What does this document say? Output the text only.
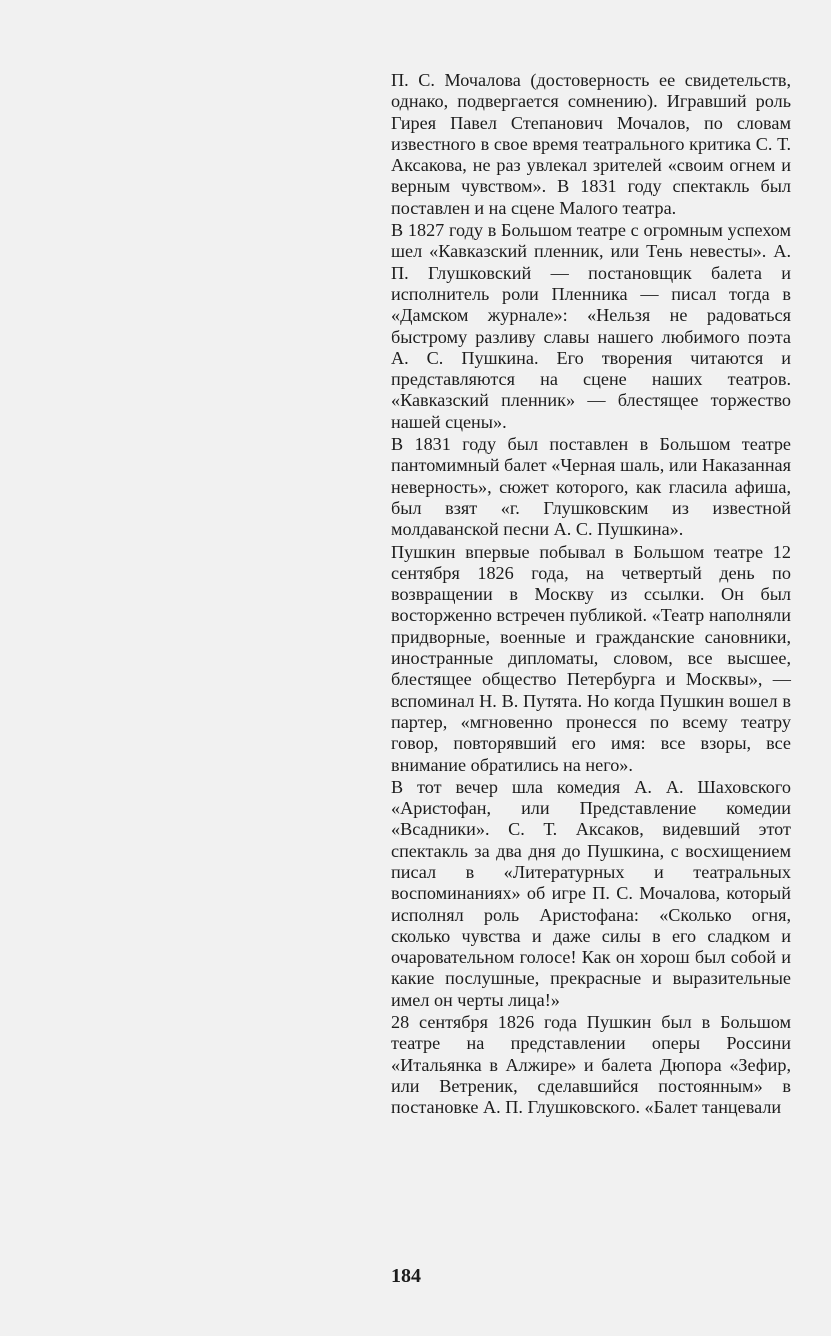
П. С. Мочалова (достоверность ее свидетельств, однако, подвергается сомнению). Игравший роль Гирея Павел Степанович Мочалов, по словам известного в свое время театрального критика С. Т. Аксакова, не раз увлекал зрителей «своим огнем и верным чувством». В 1831 году спектакль был поставлен и на сцене Малого театра.

В 1827 году в Большом театре с огромным успехом шел «Кавказский пленник, или Тень невесты». А. П. Глушковский — постановщик балета и исполнитель роли Пленника — писал тогда в «Дамском журнале»: «Нельзя не радоваться быстрому разливу славы нашего любимого поэта А. С. Пушкина. Его творения читаются и представляются на сцене наших театров. «Кавказский пленник» — блестящее торжество нашей сцены».

В 1831 году был поставлен в Большом театре пантомимный балет «Черная шаль, или Наказанная неверность», сюжет которого, как гласила афиша, был взят «г. Глушковским из известной молдаванской песни А. С. Пушкина».

Пушкин впервые побывал в Большом театре 12 сентября 1826 года, на четвертый день по возвращении в Москву из ссылки. Он был восторженно встречен публикой. «Театр наполняли придворные, военные и гражданские сановники, иностранные дипломаты, словом, все высшее, блестящее общество Петербурга и Москвы», — вспоминал Н. В. Путята. Но когда Пушкин вошел в партер, «мгновенно пронесся по всему театру говор, повторявший его имя: все взоры, все внимание обратились на него».

В тот вечер шла комедия А. А. Шаховского «Аристофан, или Представление комедии «Всадники». С. Т. Аксаков, видевший этот спектакль за два дня до Пушкина, с восхищением писал в «Литературных и театральных воспоминаниях» об игре П. С. Мочалова, который исполнял роль Аристофана: «Сколько огня, сколько чувства и даже силы в его сладком и очаровательном голосе! Как он хорош был собой и какие послушные, прекрасные и выразительные имел он черты лица!»

28 сентября 1826 года Пушкин был в Большом театре на представлении оперы Россини «Итальянка в Алжире» и балета Дюпора «Зефир, или Ветреник, сделавшийся постоянным» в постановке А. П. Глушковского. «Балет танцевали

184
